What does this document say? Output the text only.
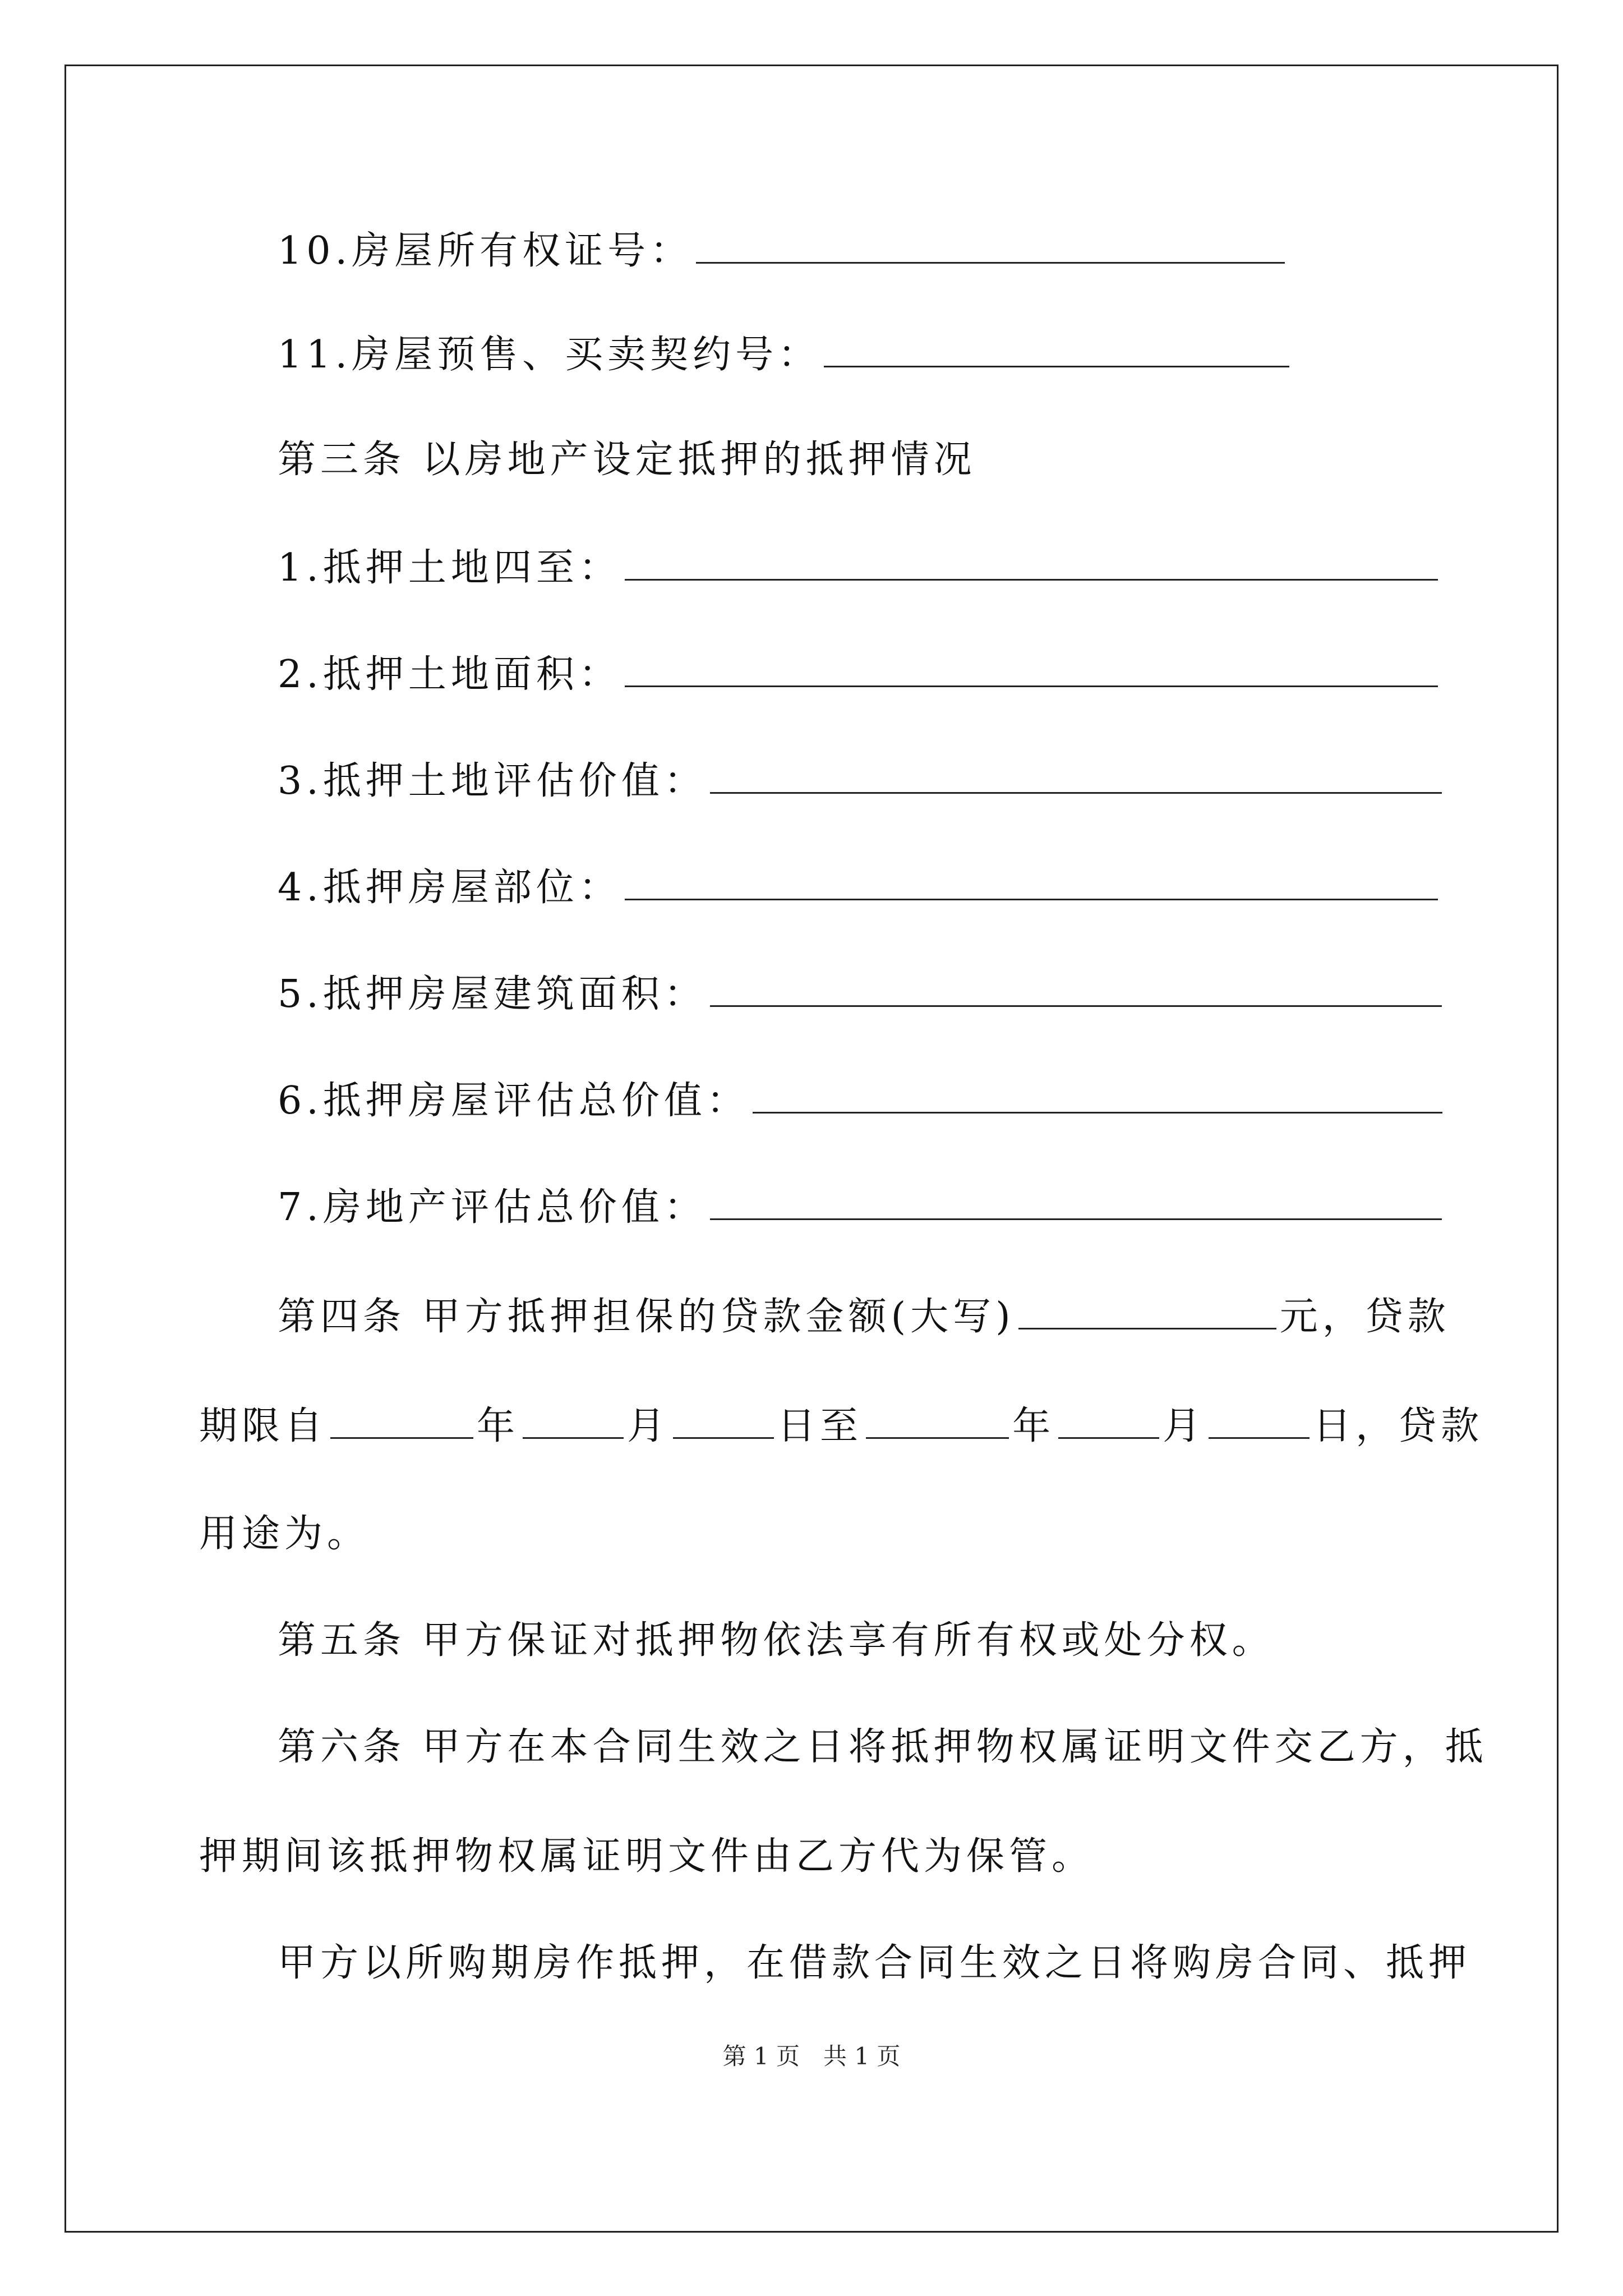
10.房屋所有权证号：
11.房屋预售、买卖契约号：
第三条 以房地产设定抵押的抵押情况
1.抵押土地四至：
2.抵押土地面积：
3.抵押土地评估价值：
4.抵押房屋部位：
5.抵押房屋建筑面积：
6.抵押房屋评估总价值：
7.房地产评估总价值：
第四条 甲方抵押担保的贷款金额(大写)	元，贷款
期限自	年	月	日至	年	月	日，贷款
用途为。
第五条 甲方保证对抵押物依法享有所有权或处分权。
第六条 甲方在本合同生效之日将抵押物权属证明文件交乙方，抵
押期间该抵押物权属证明文件由乙方代为保管。
甲方以所购期房作抵押，在借款合同生效之日将购房合同、抵押
第 1 页　共 1 页
